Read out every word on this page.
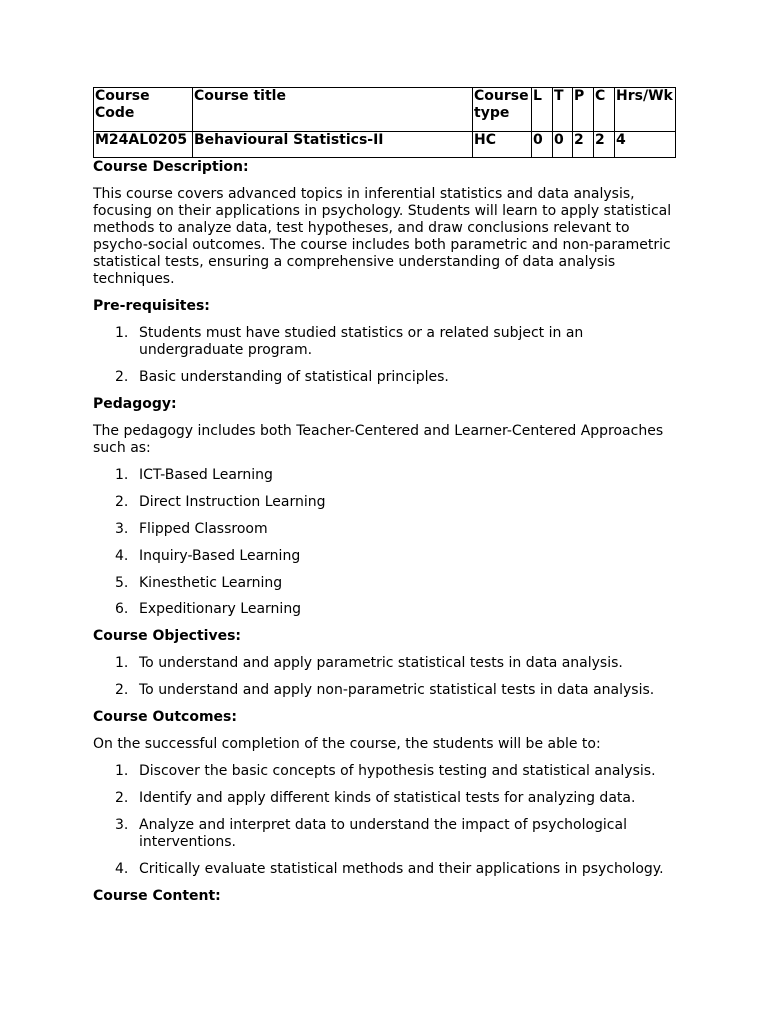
Course Code	Course title	Course type	L	T	P	C	Hrs/Wk
M24AL0205	Behavioural Statistics-II	HC	0	0	2	2	4

Course Description:

This course covers advanced topics in inferential statistics and data analysis, focusing on their applications in psychology. Students will learn to apply statistical methods to analyze data, test hypotheses, and draw conclusions relevant to psycho-social outcomes. The course includes both parametric and non-parametric statistical tests, ensuring a comprehensive understanding of data analysis techniques.

Pre-requisites:

1. Students must have studied statistics or a related subject in an undergraduate program.
2. Basic understanding of statistical principles.

Pedagogy:

The pedagogy includes both Teacher-Centered and Learner-Centered Approaches such as:

1. ICT-Based Learning
2. Direct Instruction Learning
3. Flipped Classroom
4. Inquiry-Based Learning
5. Kinesthetic Learning
6. Expeditionary Learning

Course Objectives:

1. To understand and apply parametric statistical tests in data analysis.
2. To understand and apply non-parametric statistical tests in data analysis.

Course Outcomes:

On the successful completion of the course, the students will be able to:

1. Discover the basic concepts of hypothesis testing and statistical analysis.
2. Identify and apply different kinds of statistical tests for analyzing data.
3. Analyze and interpret data to understand the impact of psychological interventions.
4. Critically evaluate statistical methods and their applications in psychology.

Course Content:
